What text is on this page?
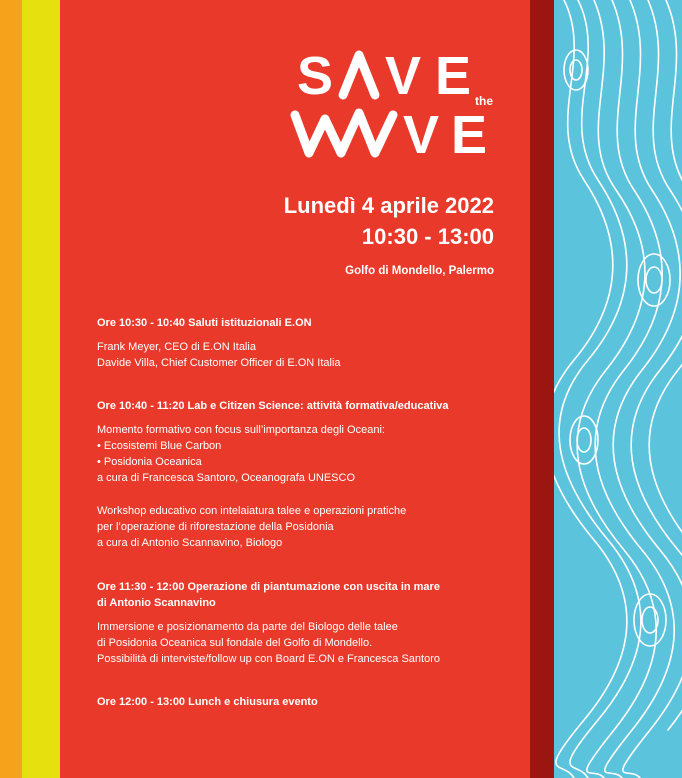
S V E the
V E
Lunedì 4 aprile 2022
10:30 - 13:00
Golfo di Mondello, Palermo

Ore 10:30 - 10:40 Saluti istituzionali E.ON

Frank Meyer, CEO di E.ON Italia
Davide Villa, Chief Customer Officer di E.ON Italia

Ore 10:40 - 11:20 Lab e Citizen Science: attività formativa/educativa

Momento formativo con focus sull’importanza degli Oceani:
• Ecosistemi Blue Carbon
• Posidonia Oceanica
a cura di Francesca Santoro, Oceanografa UNESCO

Workshop educativo con intelaiatura talee e operazioni pratiche
per l’operazione di riforestazione della Posidonia
a cura di Antonio Scannavino, Biologo

Ore 11:30 - 12:00 Operazione di piantumazione con uscita in mare
di Antonio Scannavino

Immersione e posizionamento da parte del Biologo delle talee
di Posidonia Oceanica sul fondale del Golfo di Mondello.
Possibilità di interviste/follow up con Board E.ON e Francesca Santoro

Ore 12:00 - 13:00 Lunch e chiusura evento
